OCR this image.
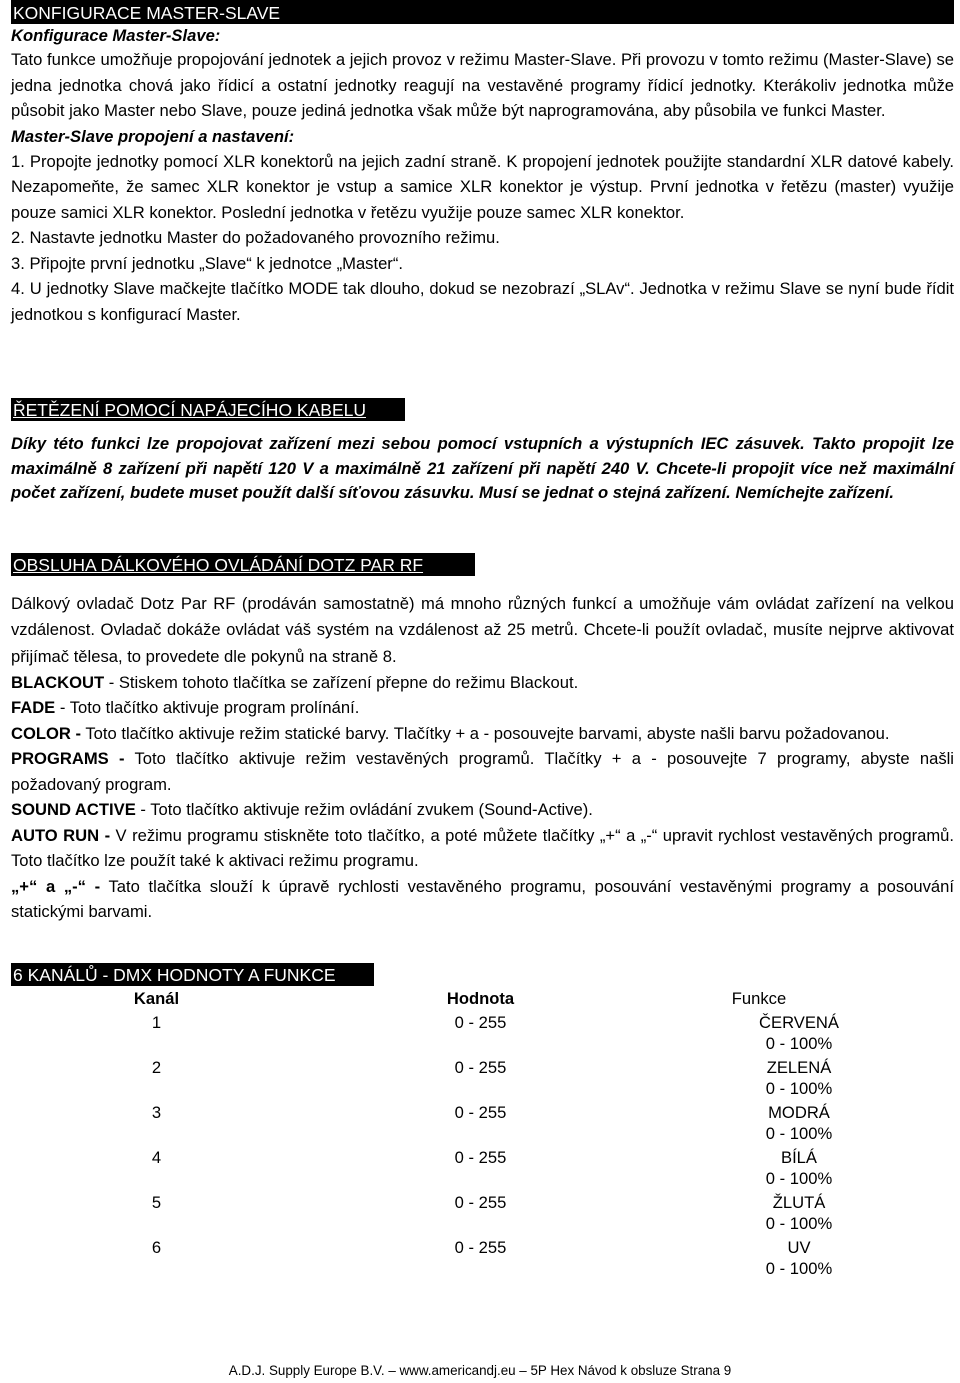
KONFIGURACE MASTER-SLAVE

Konfigurace Master-Slave:

Tato funkce umožňuje propojování jednotek a jejich provoz v režimu Master-Slave. Při provozu v tomto režimu (Master-Slave) se jedna jednotka chová jako řídicí a ostatní jednotky reagují na vestavěné programy řídicí jednotky. Kterákoliv jednotka může působit jako Master nebo Slave, pouze jediná jednotka však může být naprogramována, aby působila ve funkci Master.

Master-Slave propojení a nastavení:

1. Propojte jednotky pomocí XLR konektorů na jejich zadní straně. K propojení jednotek použijte standardní XLR datové kabely. Nezapomeňte, že samec XLR konektor je vstup a samice XLR konektor je výstup. První jednotka v řetězu (master) využije pouze samici XLR konektor. Poslední jednotka v řetězu využije pouze samec XLR konektor.

2. Nastavte jednotku Master do požadovaného provozního režimu.

3. Připojte první jednotku „Slave“ k jednotce „Master“.

4. U jednotky Slave mačkejte tlačítko MODE tak dlouho, dokud se nezobrazí „SLAv“. Jednotka v režimu Slave se nyní bude řídit jednotkou s konfigurací Master.

ŘETĚZENÍ POMOCÍ NAPÁJECÍHO KABELU

Díky této funkci lze propojovat zařízení mezi sebou pomocí vstupních a výstupních IEC zásuvek. Takto propojit lze maximálně 8 zařízení při napětí 120 V a maximálně 21 zařízení při napětí 240 V. Chcete-li propojit více než maximální počet zařízení, budete muset použít další síťovou zásuvku. Musí se jednat o stejná zařízení. Nemíchejte zařízení.

OBSLUHA DÁLKOVÉHO OVLÁDÁNÍ DOTZ PAR RF

Dálkový ovladač Dotz Par RF (prodáván samostatně) má mnoho různých funkcí a umožňuje vám ovládat zařízení na velkou vzdálenost. Ovladač dokáže ovládat váš systém na vzdálenost až 25 metrů. Chcete-li použít ovladač, musíte nejprve aktivovat přijímač tělesa, to provedete dle pokynů na straně 8.

BLACKOUT - Stiskem tohoto tlačítka se zařízení přepne do režimu Blackout.

FADE - Toto tlačítko aktivuje program prolínání.

COLOR - Toto tlačítko aktivuje režim statické barvy. Tlačítky + a - posouvejte barvami, abyste našli barvu požadovanou.

PROGRAMS - Toto tlačítko aktivuje režim vestavěných programů. Tlačítky + a - posouvejte 7 programy, abyste našli požadovaný program.

SOUND ACTIVE - Toto tlačítko aktivuje režim ovládání zvukem (Sound-Active).

AUTO RUN - V režimu programu stiskněte toto tlačítko, a poté můžete tlačítky „+“ a „-“ upravit rychlost vestavěných programů. Toto tlačítko lze použít také k aktivaci režimu programu.

„+“ a „-“ - Tato tlačítka slouží k úpravě rychlosti vestavěného programu, posouvání vestavěnými programy a posouvání statickými barvami.

6 KANÁLŮ - DMX HODNOTY A FUNKCE
Kanál	Hodnota	Funkce
1	0 - 255	ČERVENÁ
0 - 100%

2	0 - 255	ZELENÁ
0 - 100%

3	0 - 255	MODRÁ
0 - 100%

4	0 - 255	BÍLÁ
0 - 100%

5	0 - 255	ŽLUTÁ
0 - 100%

6	0 - 255	UV
0 - 100%
A.D.J. Supply Europe B.V. – www.americandj.eu – 5P Hex Návod k obsluze Strana 9
